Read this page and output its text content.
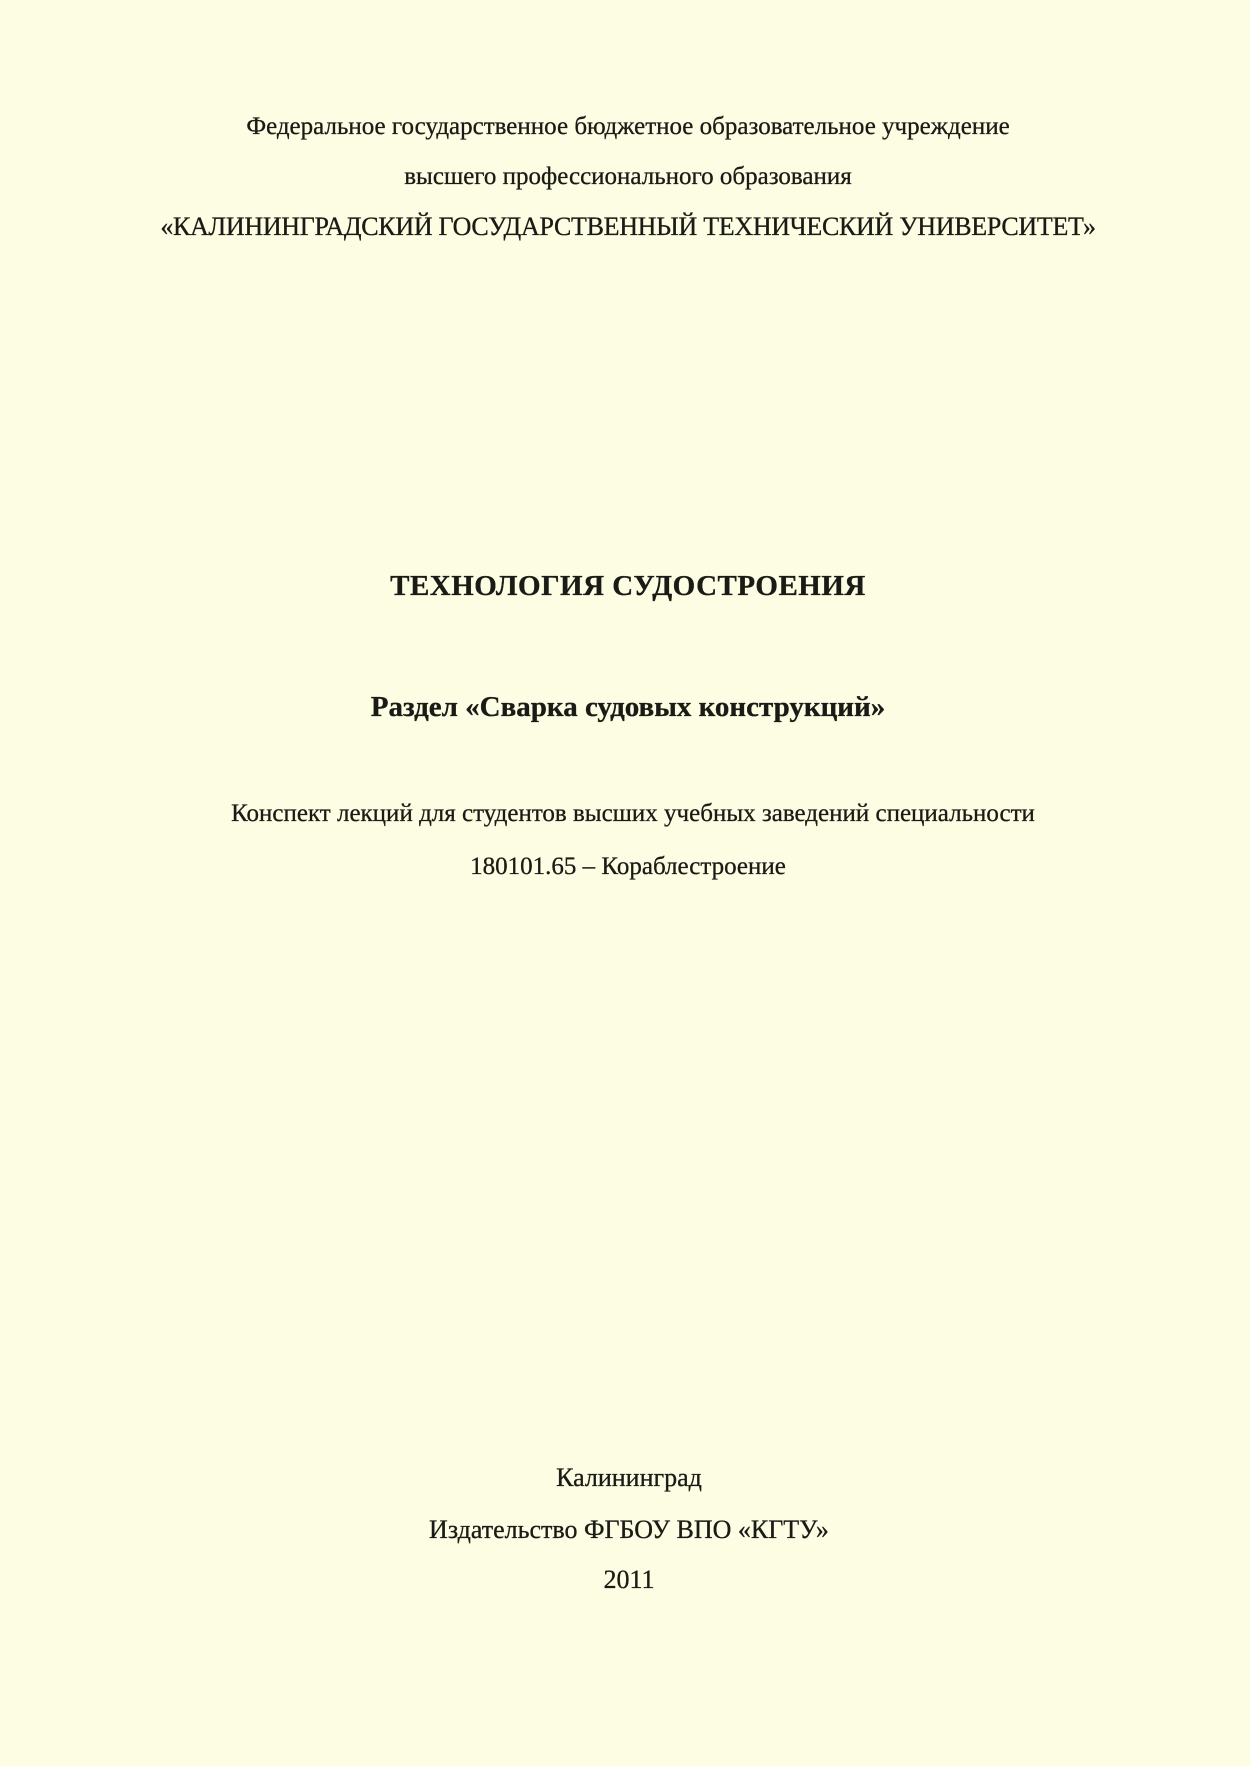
Федеральное государственное бюджетное образовательное учреждение
высшего профессионального образования
«КАЛИНИНГРАДСКИЙ ГОСУДАРСТВЕННЫЙ ТЕХНИЧЕСКИЙ УНИВЕРСИТЕТ»
ТЕХНОЛОГИЯ СУДОСТРОЕНИЯ
Раздел «Сварка судовых конструкций»
Конспект лекций для студентов высших учебных заведений специальности
180101.65 – Кораблестроение
Калининград
Издательство ФГБОУ ВПО «КГТУ»
2011
